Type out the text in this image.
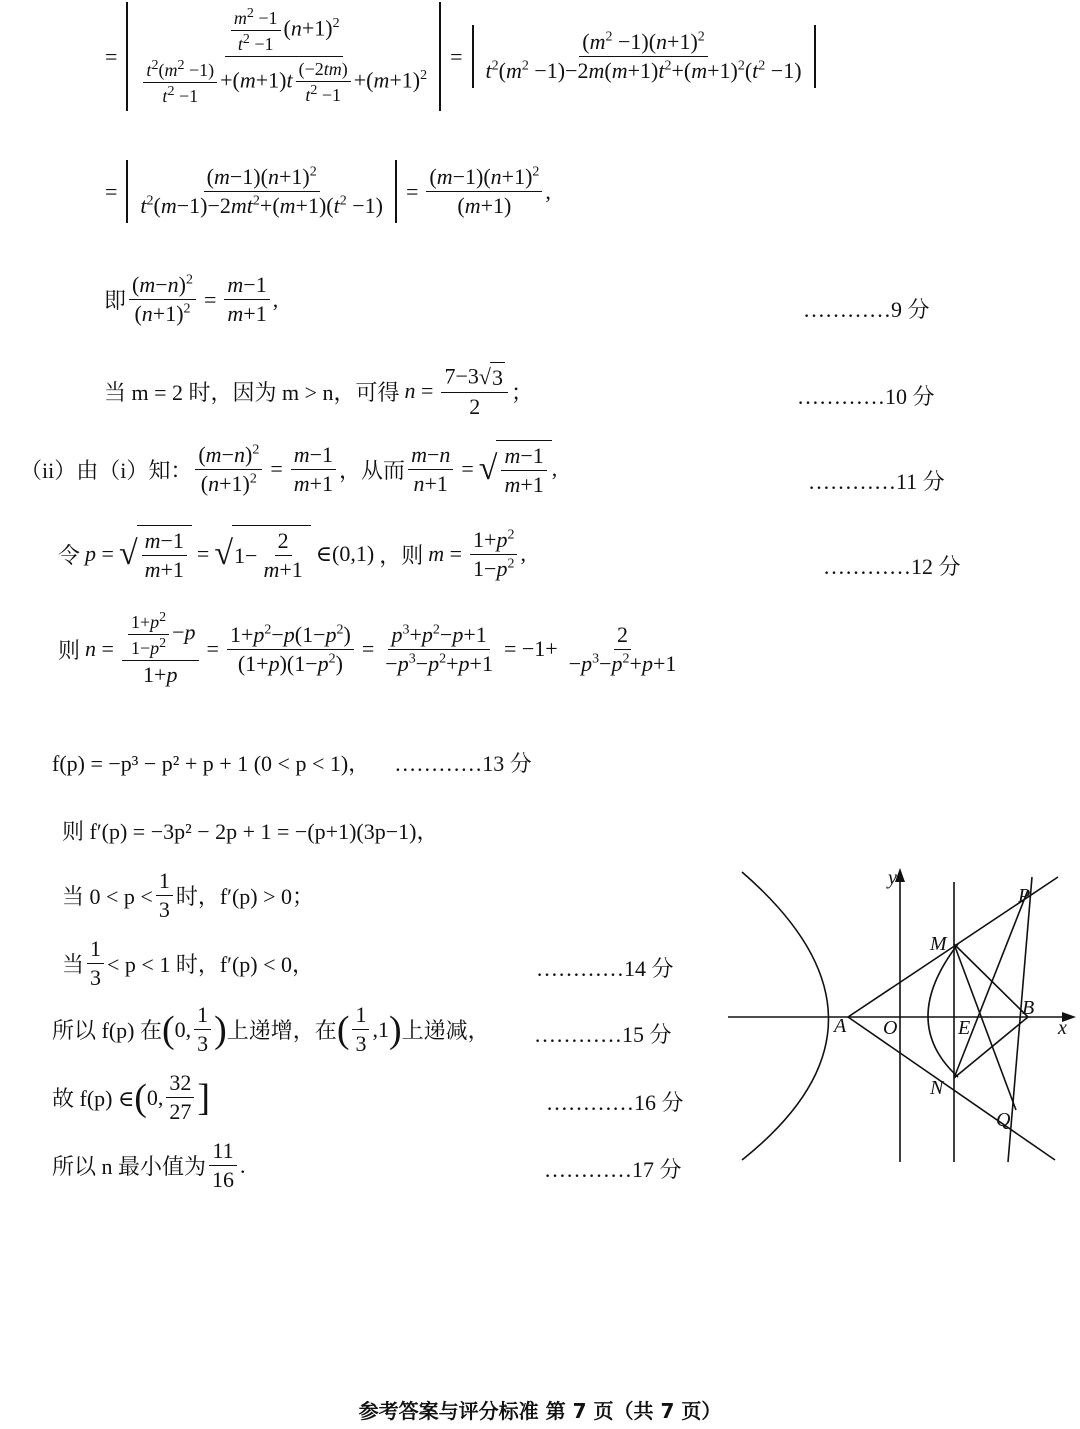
= $\frac{\frac{m^2 -1}{t^2 -1} (n+1)^2}{\frac{t^2(m^2 -1)}{t^2 -1} +(m+1)t \frac{(-2tm)}{t^2 -1} +(m+1)^2} = \frac{(m^2 -1)(n+1)^2}{t^2(m^2 -1)-2m(m+1)t^2+(m+1)^2(t^2 -1)}$
= $\frac{(m-1)(n+1)^2}{t^2(m-1)-2mt^2+(m+1)(t^2 -1)} = \frac{(m-1)(n+1)^2}{(m+1)}$ ,
即 $\frac{(m-n)^2}{(n+1)^2} = \frac{m-1}{m+1}$ ,	…………9 分
当 m = 2 时，因为 m > n，可得 $n = \frac{7-3 √ 3}{2}$ ；	…………10 分
（ii）由（i）知： $\frac{(m-n)^2}{(n+1)^2} = \frac{m-1}{m+1}$ ，从而 $\frac{m-n}{n+1}$ = √ $\frac{m-1}{m+1}$ ,
…………11 分
令 p = √ $\frac{m-1}{m+1}$ = √ $1- \frac{2}{m+1}$ ∈(0,1) ，则 $m = \frac{1+p^2}{1-p^2}$ ,
…………12 分
则 $n = \frac{\frac{1+p^2}{1-p^2} -p}{1+p} = \frac{1+p^2-p(1-p^2)}{(1+p)(1-p^2)} = \frac{p^3+p^2-p+1}{-p^3-p^2+p+1} = -1+ \frac{2}{-p^3-p^2+p+1}$
f(p) = −p³ − p² + p + 1 (0 < p < 1)， …………13 分
则 f′(p) = −3p² − 2p + 1 = −(p+1)(3p−1)，
当 $0 < p < \frac{1}{3}$ 时，f′(p) > 0；
当 $\frac{1}{3} < p < 1$ 时，f′(p) < 0，	…………14 分
所以 f(p) 在 ( 0, $\frac{1}{3}$ ) 上递增，在 ( $\frac{1}{3} ,1$ ) 上递减， …………15 分
故 f(p) ∈ ( 0, $\frac{32}{27}$ ]	…………16 分
所以 n 最小值为 $\frac{11}{16}$ .	…………17 分
y
x
P
M
A O	E
B
N
Q
参考答案与评分标准 第 7 页（共 7 页）
